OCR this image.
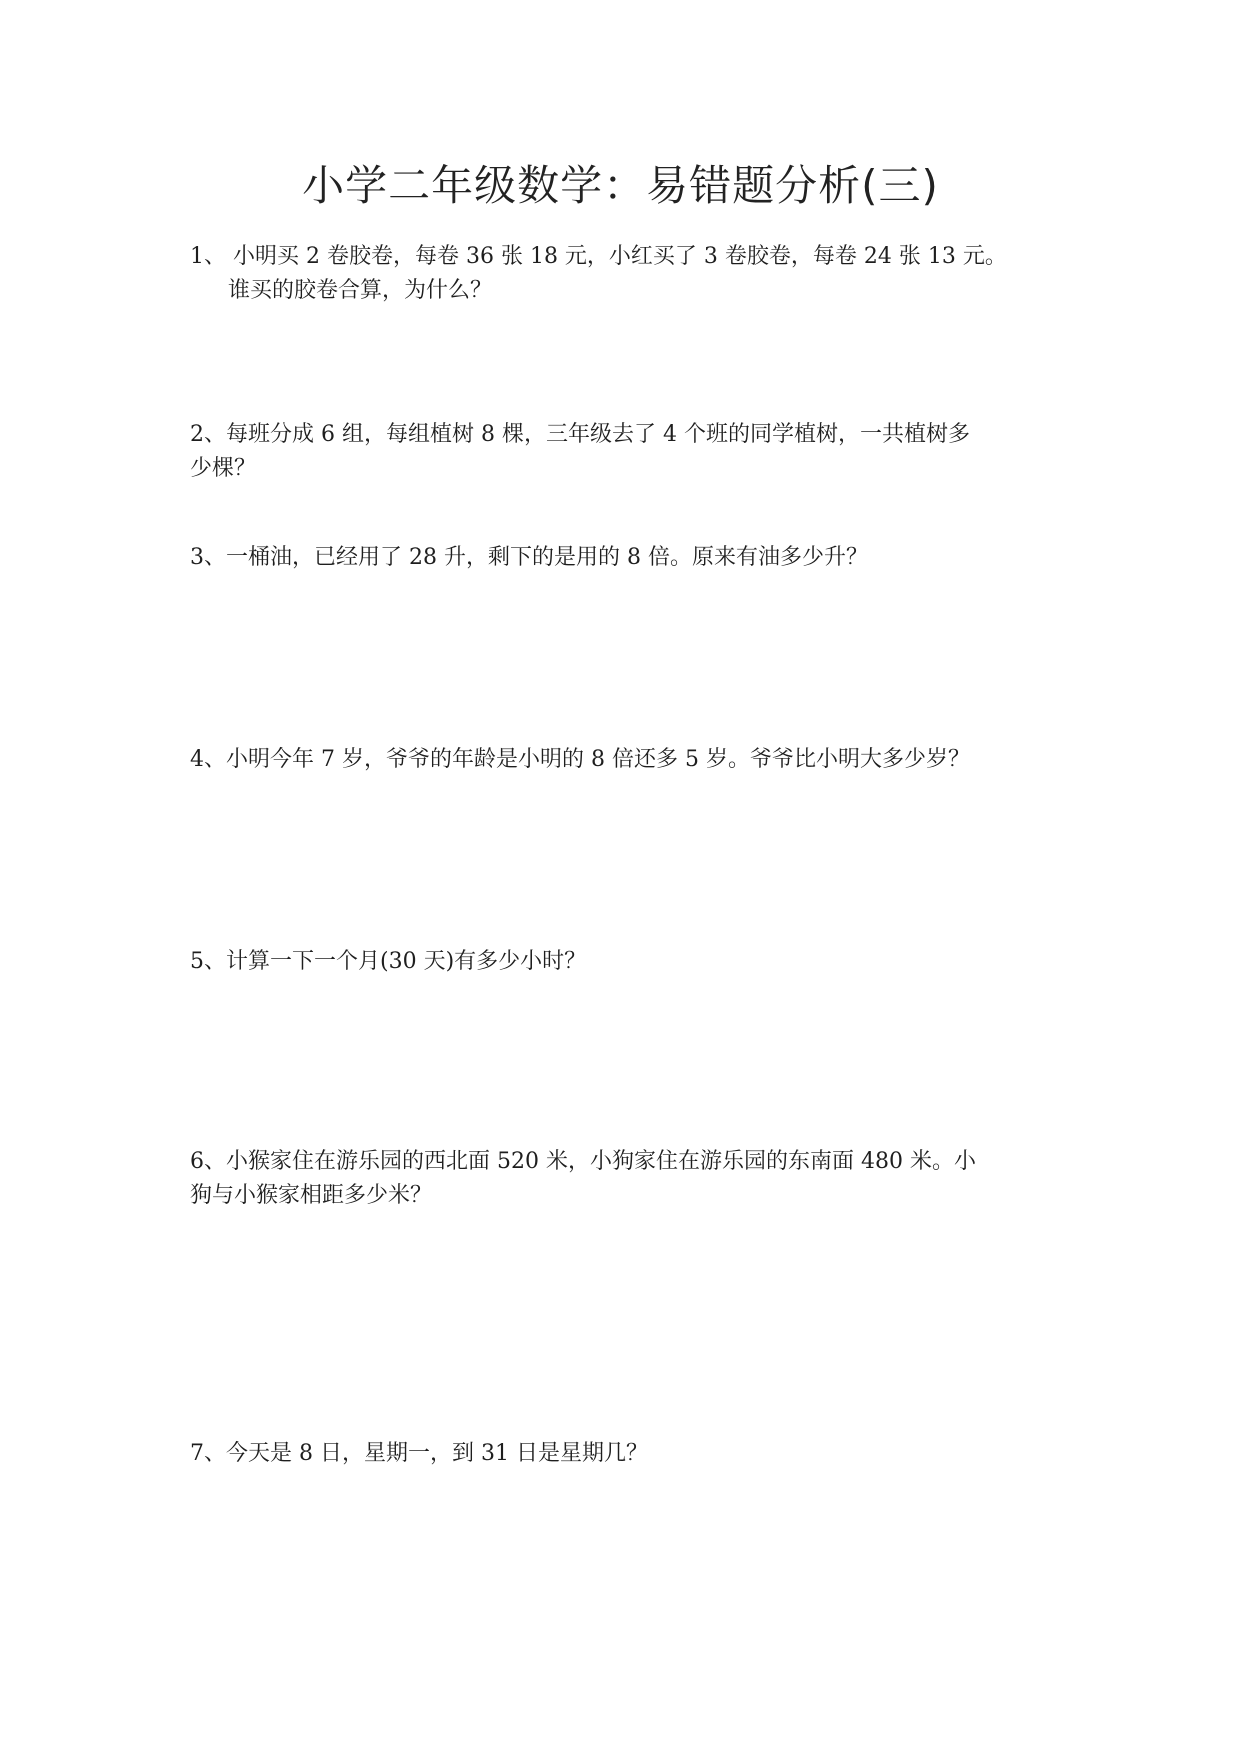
小学二年级数学：易错题分析(三)
1、 小明买 2 卷胶卷，每卷 36 张 18 元，小红买了 3 卷胶卷，每卷 24 张 13 元。
谁买的胶卷合算，为什么？
2、每班分成 6 组，每组植树 8 棵，三年级去了 4 个班的同学植树，一共植树多
少棵？
3、一桶油，已经用了 28 升，剩下的是用的 8 倍。原来有油多少升？
4、小明今年 7 岁，爷爷的年龄是小明的 8 倍还多 5 岁。爷爷比小明大多少岁？
5、计算一下一个月(30 天)有多少小时？
6、小猴家住在游乐园的西北面 520 米，小狗家住在游乐园的东南面 480 米。小
狗与小猴家相距多少米？
7、今天是 8 日，星期一，到 31 日是星期几？
